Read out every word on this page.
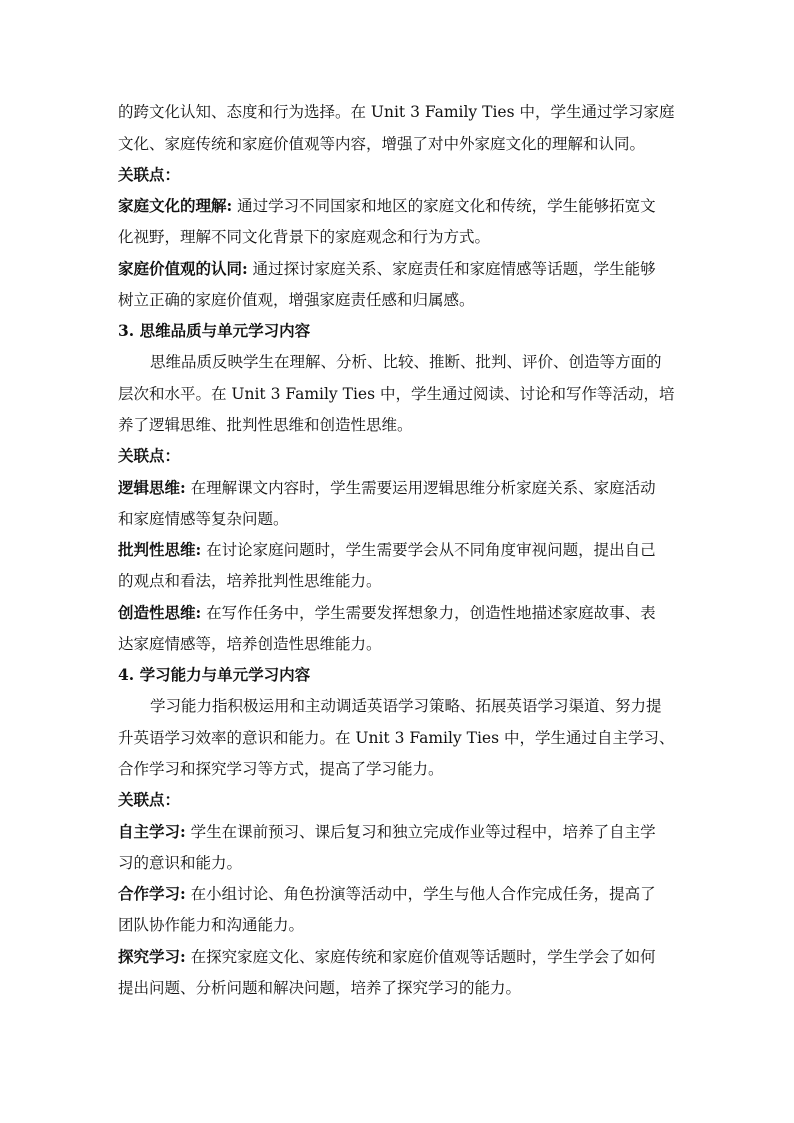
的跨文化认知、态度和行为选择。在 Unit 3 Family Ties 中，学生通过学习家庭
文化、家庭传统和家庭价值观等内容，增强了对中外家庭文化的理解和认同。
关联点：
家庭文化的理解: 通过学习不同国家和地区的家庭文化和传统，学生能够拓宽文
化视野，理解不同文化背景下的家庭观念和行为方式。
家庭价值观的认同: 通过探讨家庭关系、家庭责任和家庭情感等话题，学生能够
树立正确的家庭价值观，增强家庭责任感和归属感。
3. 思维品质与单元学习内容
思维品质反映学生在理解、分析、比较、推断、批判、评价、创造等方面的
层次和水平。在 Unit 3 Family Ties 中，学生通过阅读、讨论和写作等活动，培
养了逻辑思维、批判性思维和创造性思维。
关联点：
逻辑思维: 在理解课文内容时，学生需要运用逻辑思维分析家庭关系、家庭活动
和家庭情感等复杂问题。
批判性思维: 在讨论家庭问题时，学生需要学会从不同角度审视问题，提出自己
的观点和看法，培养批判性思维能力。
创造性思维: 在写作任务中，学生需要发挥想象力，创造性地描述家庭故事、表
达家庭情感等，培养创造性思维能力。
4. 学习能力与单元学习内容
学习能力指积极运用和主动调适英语学习策略、拓展英语学习渠道、努力提
升英语学习效率的意识和能力。在 Unit 3 Family Ties 中，学生通过自主学习、
合作学习和探究学习等方式，提高了学习能力。
关联点：
自主学习: 学生在课前预习、课后复习和独立完成作业等过程中，培养了自主学
习的意识和能力。
合作学习: 在小组讨论、角色扮演等活动中，学生与他人合作完成任务，提高了
团队协作能力和沟通能力。
探究学习: 在探究家庭文化、家庭传统和家庭价值观等话题时，学生学会了如何
提出问题、分析问题和解决问题，培养了探究学习的能力。
